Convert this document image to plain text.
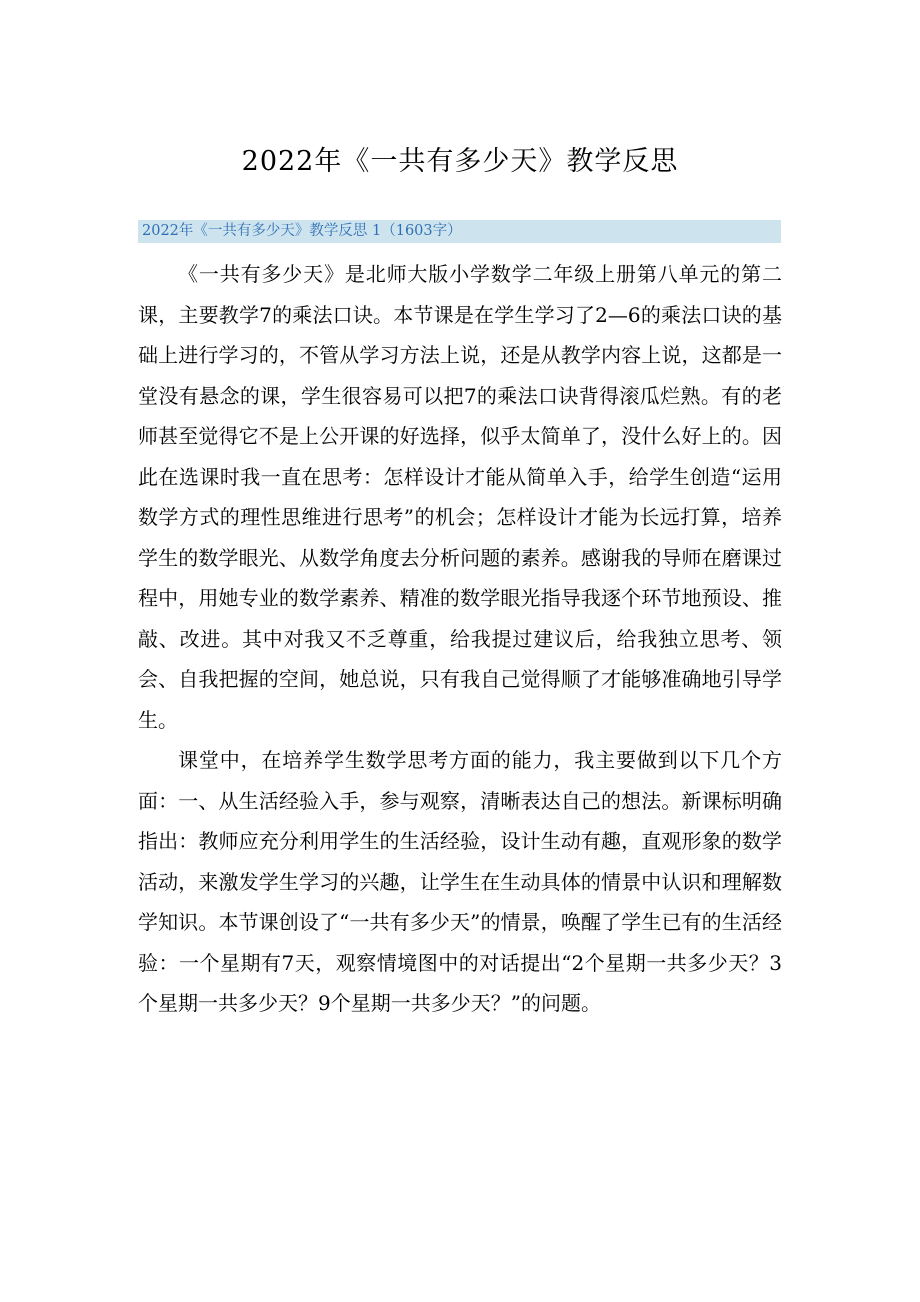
2022年《一共有多少天》教学反思
2022年《一共有多少天》教学反思 1（1603字）

《一共有多少天》是北师大版小学数学二年级上册第八单元的第二课，主要教学7的乘法口诀。本节课是在学生学习了2—6的乘法口诀的基础上进行学习的，不管从学习方法上说，还是从教学内容上说，这都是一堂没有悬念的课，学生很容易可以把7的乘法口诀背得滚瓜烂熟。有的老师甚至觉得它不是上公开课的好选择，似乎太简单了，没什么好上的。因此在选课时我一直在思考：怎样设计才能从简单入手，给学生创造“运用数学方式的理性思维进行思考”的机会；怎样设计才能为长远打算，培养学生的数学眼光、从数学角度去分析问题的素养。感谢我的导师在磨课过程中，用她专业的数学素养、精准的数学眼光指导我逐个环节地预设、推敲、改进。其中对我又不乏尊重，给我提过建议后，给我独立思考、领会、自我把握的空间，她总说，只有我自己觉得顺了才能够准确地引导学生。

课堂中，在培养学生数学思考方面的能力，我主要做到以下几个方面：一、从生活经验入手，参与观察，清晰表达自己的想法。新课标明确指出：教师应充分利用学生的生活经验，设计生动有趣，直观形象的数学活动，来激发学生学习的兴趣，让学生在生动具体的情景中认识和理解数学知识。本节课创设了“一共有多少天”的情景，唤醒了学生已有的生活经验：一个星期有7天，观察情境图中的对话提出“2个星期一共多少天？3个星期一共多少天？9个星期一共多少天？”的问题。
